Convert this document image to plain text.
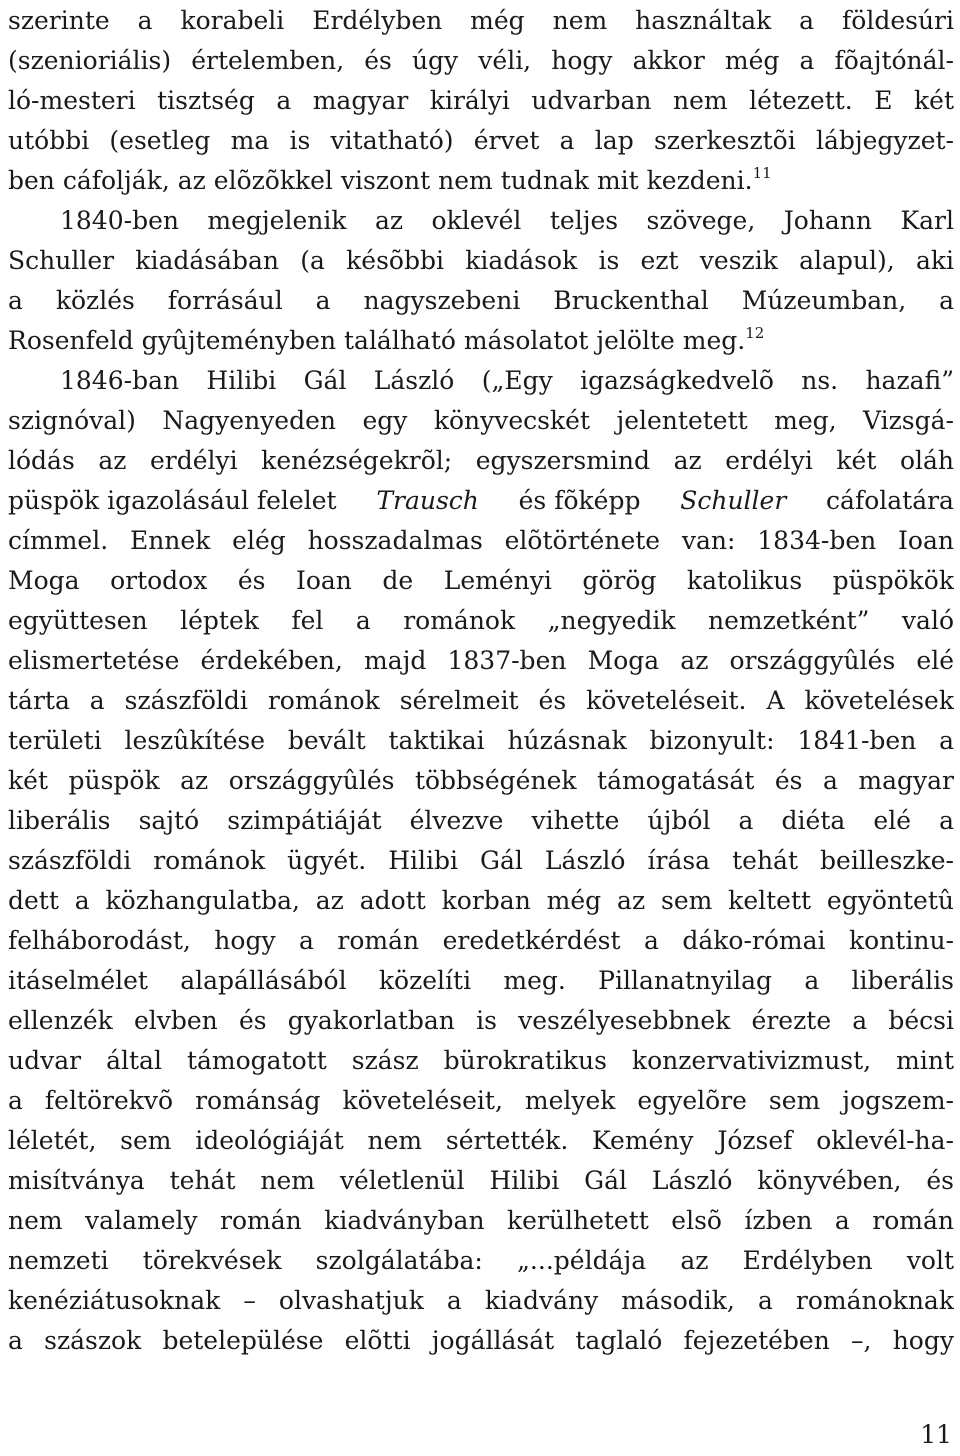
szerinte a korabeli Erdélyben még nem használtak a földesúri
(szenioriális) értelemben, és úgy véli, hogy akkor még a fõajtónál-
ló-mesteri tisztség a magyar királyi udvarban nem létezett. E két
utóbbi (esetleg ma is vitatható) érvet a lap szerkesztõi lábjegyzet-
ben cáfolják, az elõzõkkel viszont nem tudnak mit kezdeni.$^{11}$
1840-ben megjelenik az oklevél teljes szövege, Johann Karl
Schuller kiadásában (a késõbbi kiadások is ezt veszik alapul), aki
a közlés forrásául a nagyszebeni Bruckenthal Múzeumban, a
Rosenfeld gyûjteményben található másolatot jelölte meg.$^{12}$
1846-ban Hilibi Gál László („Egy igazságkedvelõ ns. hazafi”
szignóval) Nagyenyeden egy könyvecskét jelentetett meg, Vizsgá-
lódás az erdélyi kenézségekrõl; egyszersmind az erdélyi két oláh
püspök igazolásául felelet Trausch és fõképp Schuller cáfolatára
címmel. Ennek elég hosszadalmas elõtörténete van: 1834-ben Ioan
Moga ortodox és Ioan de Leményi görög katolikus püspökök
együttesen léptek fel a románok „negyedik nemzetként” való
elismertetése érdekében, majd 1837-ben Moga az országgyûlés elé
tárta a szászföldi románok sérelmeit és követeléseit. A követelések
területi leszûkítése bevált taktikai húzásnak bizonyult: 1841-ben a
két püspök az országgyûlés többségének támogatását és a magyar
liberális sajtó szimpátiáját élvezve vihette újból a diéta elé a
szászföldi románok ügyét. Hilibi Gál László írása tehát beilleszke-
dett a közhangulatba, az adott korban még az sem keltett egyöntetû
felháborodást, hogy a román eredetkérdést a dáko-római kontinu-
itáselmélet alapállásából közelíti meg. Pillanatnyilag a liberális
ellenzék elvben és gyakorlatban is veszélyesebbnek érezte a bécsi
udvar által támogatott szász bürokratikus konzervativizmust, mint
a feltörekvõ románság követeléseit, melyek egyelõre sem jogszem-
léletét, sem ideológiáját nem sértették. Kemény József oklevél-ha-
misítványa tehát nem véletlenül Hilibi Gál László könyvében, és
nem valamely román kiadványban kerülhetett elsõ ízben a román
nemzeti törekvések szolgálatába: „...példája az Erdélyben volt
kenéziátusoknak – olvashatjuk a kiadvány második, a románoknak
a szászok betelepülése elõtti jogállását taglaló fejezetében –, hogy
11
